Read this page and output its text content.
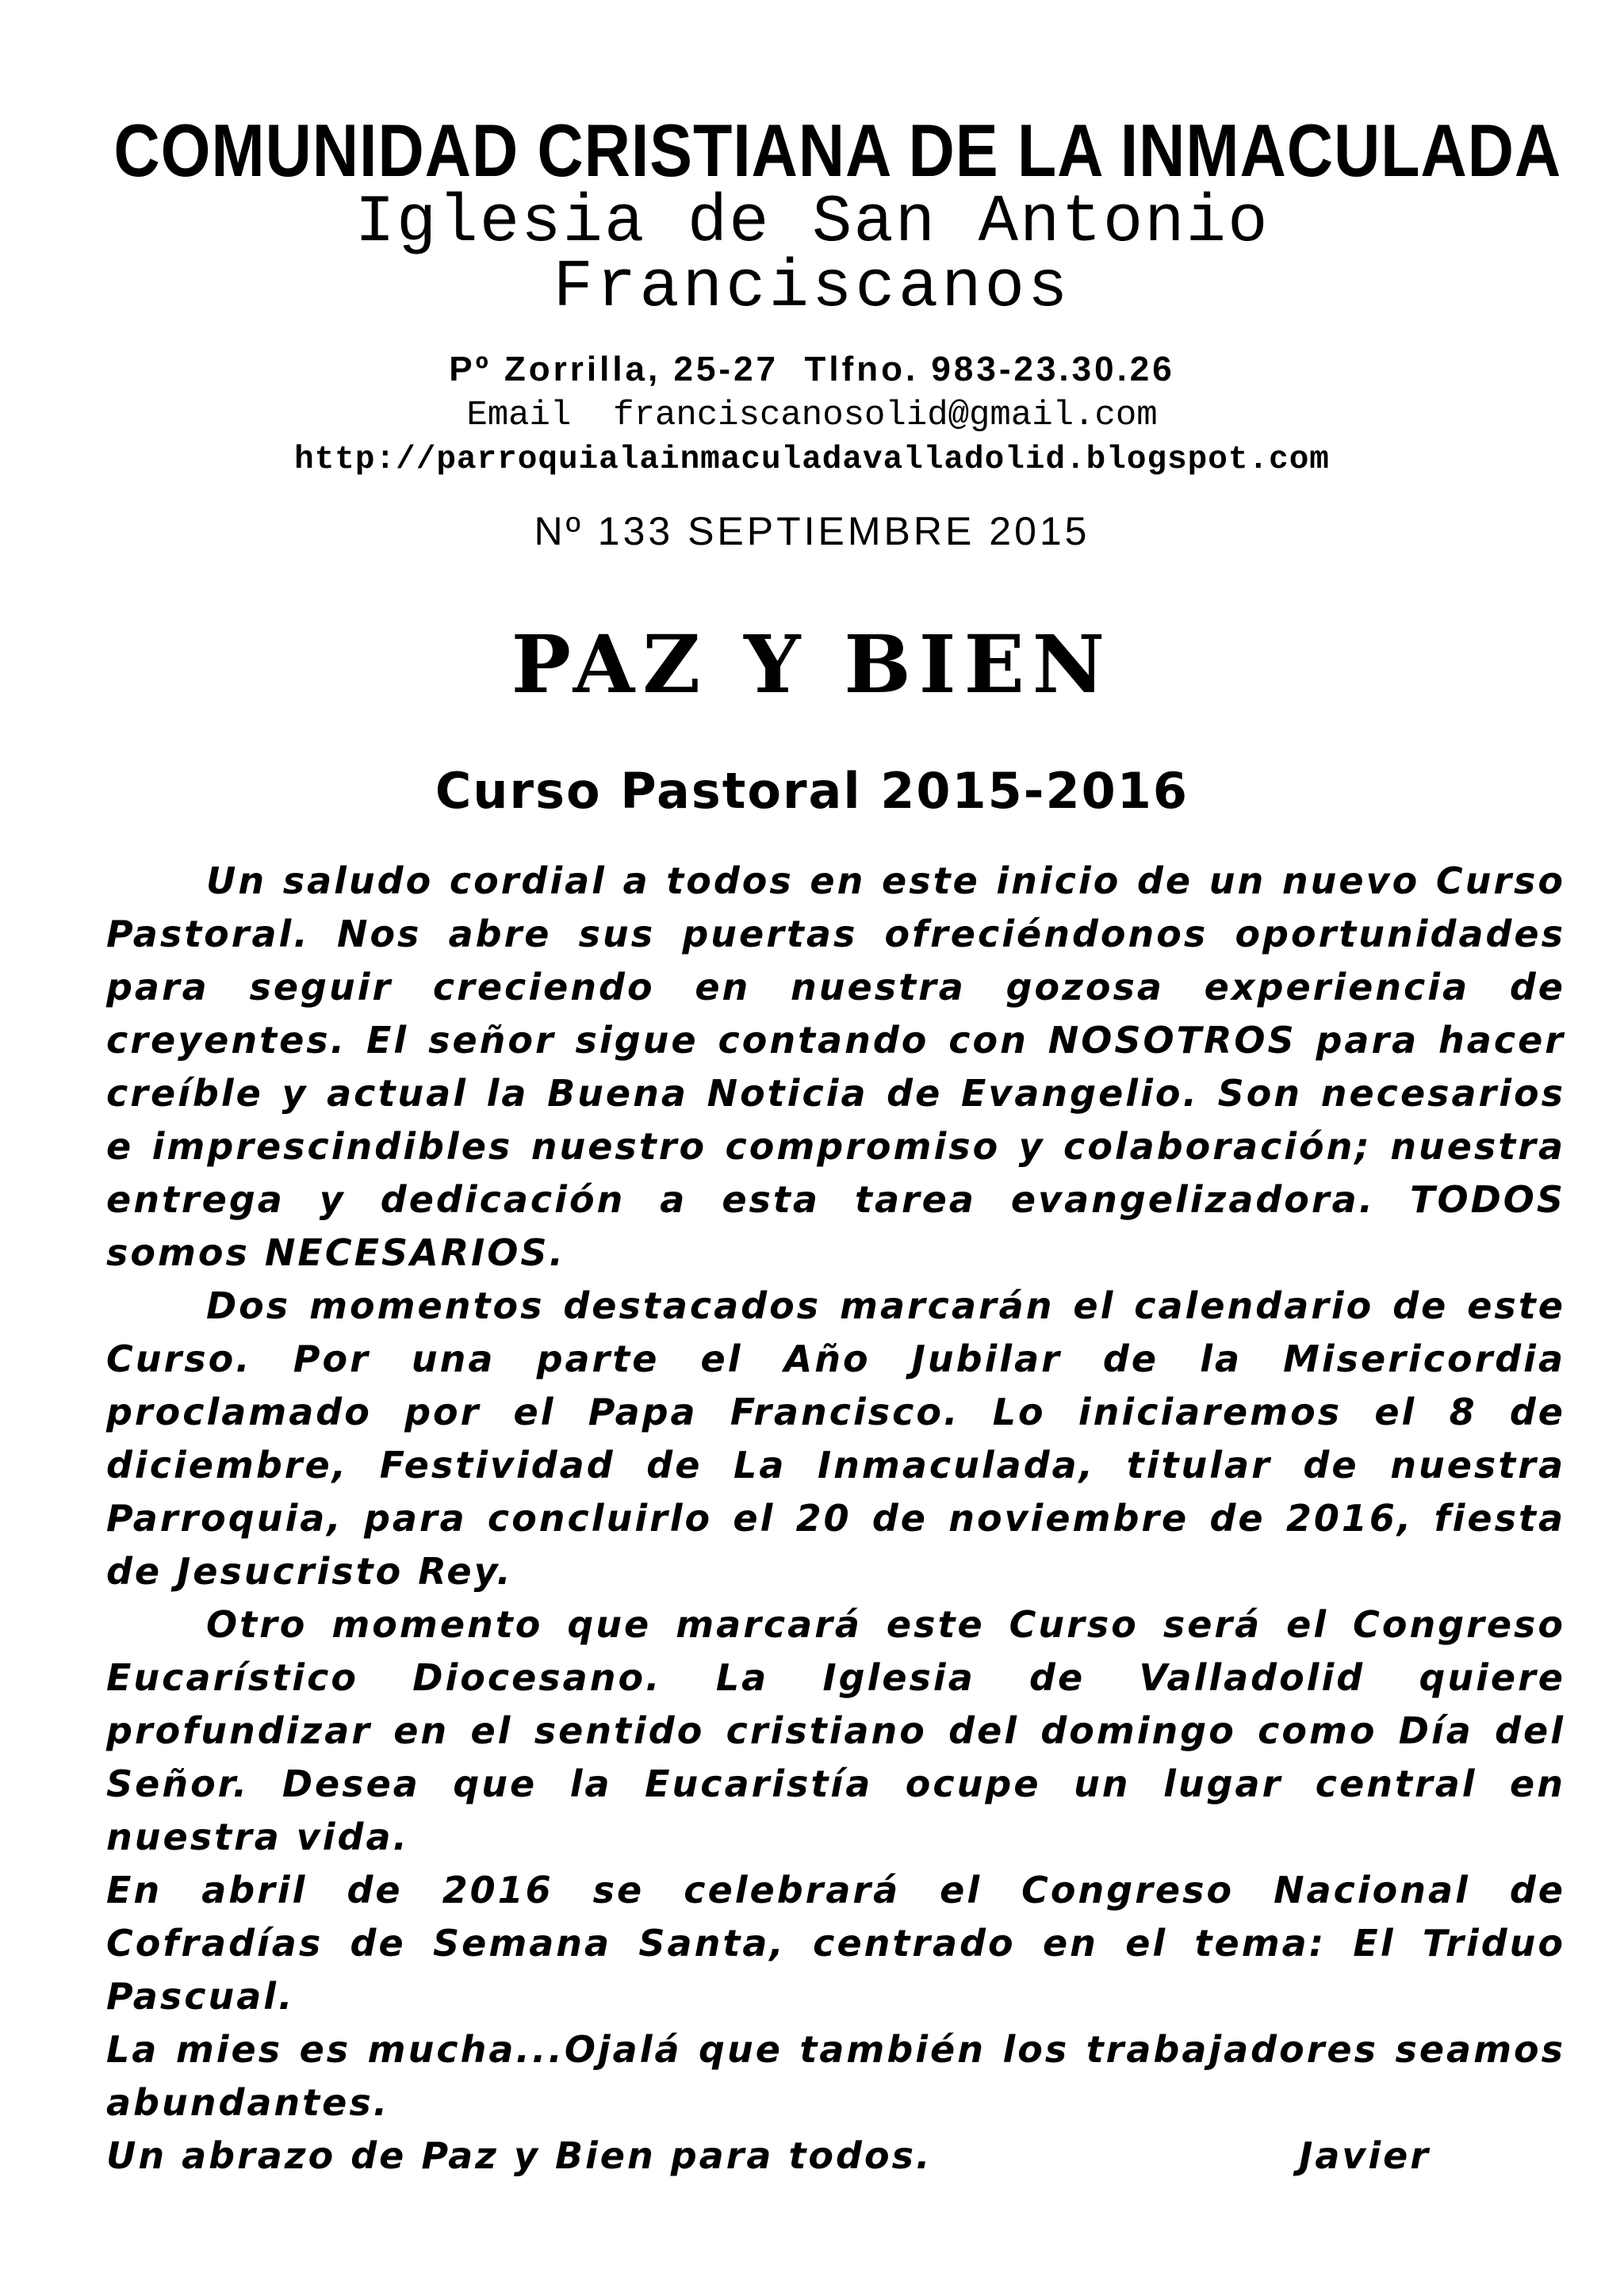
COMUNIDAD CRISTIANA DE LA INMACULADA
Iglesia de San Antonio
Franciscanos
Pº Zorrilla, 25-27  Tlfno. 983-23.30.26
Email  franciscanosolid@gmail.com
http://parroquialainmaculadavalladolid.blogspot.com
Nº 133 SEPTIEMBRE 2015
PAZ Y BIEN
Curso Pastoral 2015-2016

Un saludo cordial a todos en este inicio de un nuevo Curso Pastoral. Nos abre sus puertas ofreciéndonos oportunidades para seguir creciendo en nuestra gozosa experiencia de creyentes. El señor sigue contando con NOSOTROS para hacer creíble y actual la Buena Noticia de Evangelio. Son necesarios e imprescindibles nuestro compromiso y colaboración; nuestra entrega y dedicación a esta tarea evangelizadora. TODOS somos NECESARIOS.

Dos momentos destacados marcarán el calendario de este Curso. Por una parte el Año Jubilar de la Misericordia proclamado por el Papa Francisco. Lo iniciaremos el 8 de diciembre, Festividad de La Inmaculada, titular de nuestra Parroquia, para concluirlo el 20 de noviembre de 2016, fiesta de Jesucristo Rey.

Otro momento que marcará este Curso será el Congreso Eucarístico Diocesano. La Iglesia de Valladolid quiere profundizar en el sentido cristiano del domingo como Día del Señor. Desea que la Eucaristía ocupe un lugar central en nuestra vida.

En abril de 2016 se celebrará el Congreso Nacional de Cofradías de Semana Santa, centrado en el tema: El Triduo Pascual.

La mies es mucha...Ojalá que también los trabajadores seamos abundantes.

Un abrazo de Paz y Bien para todos.	Javier
